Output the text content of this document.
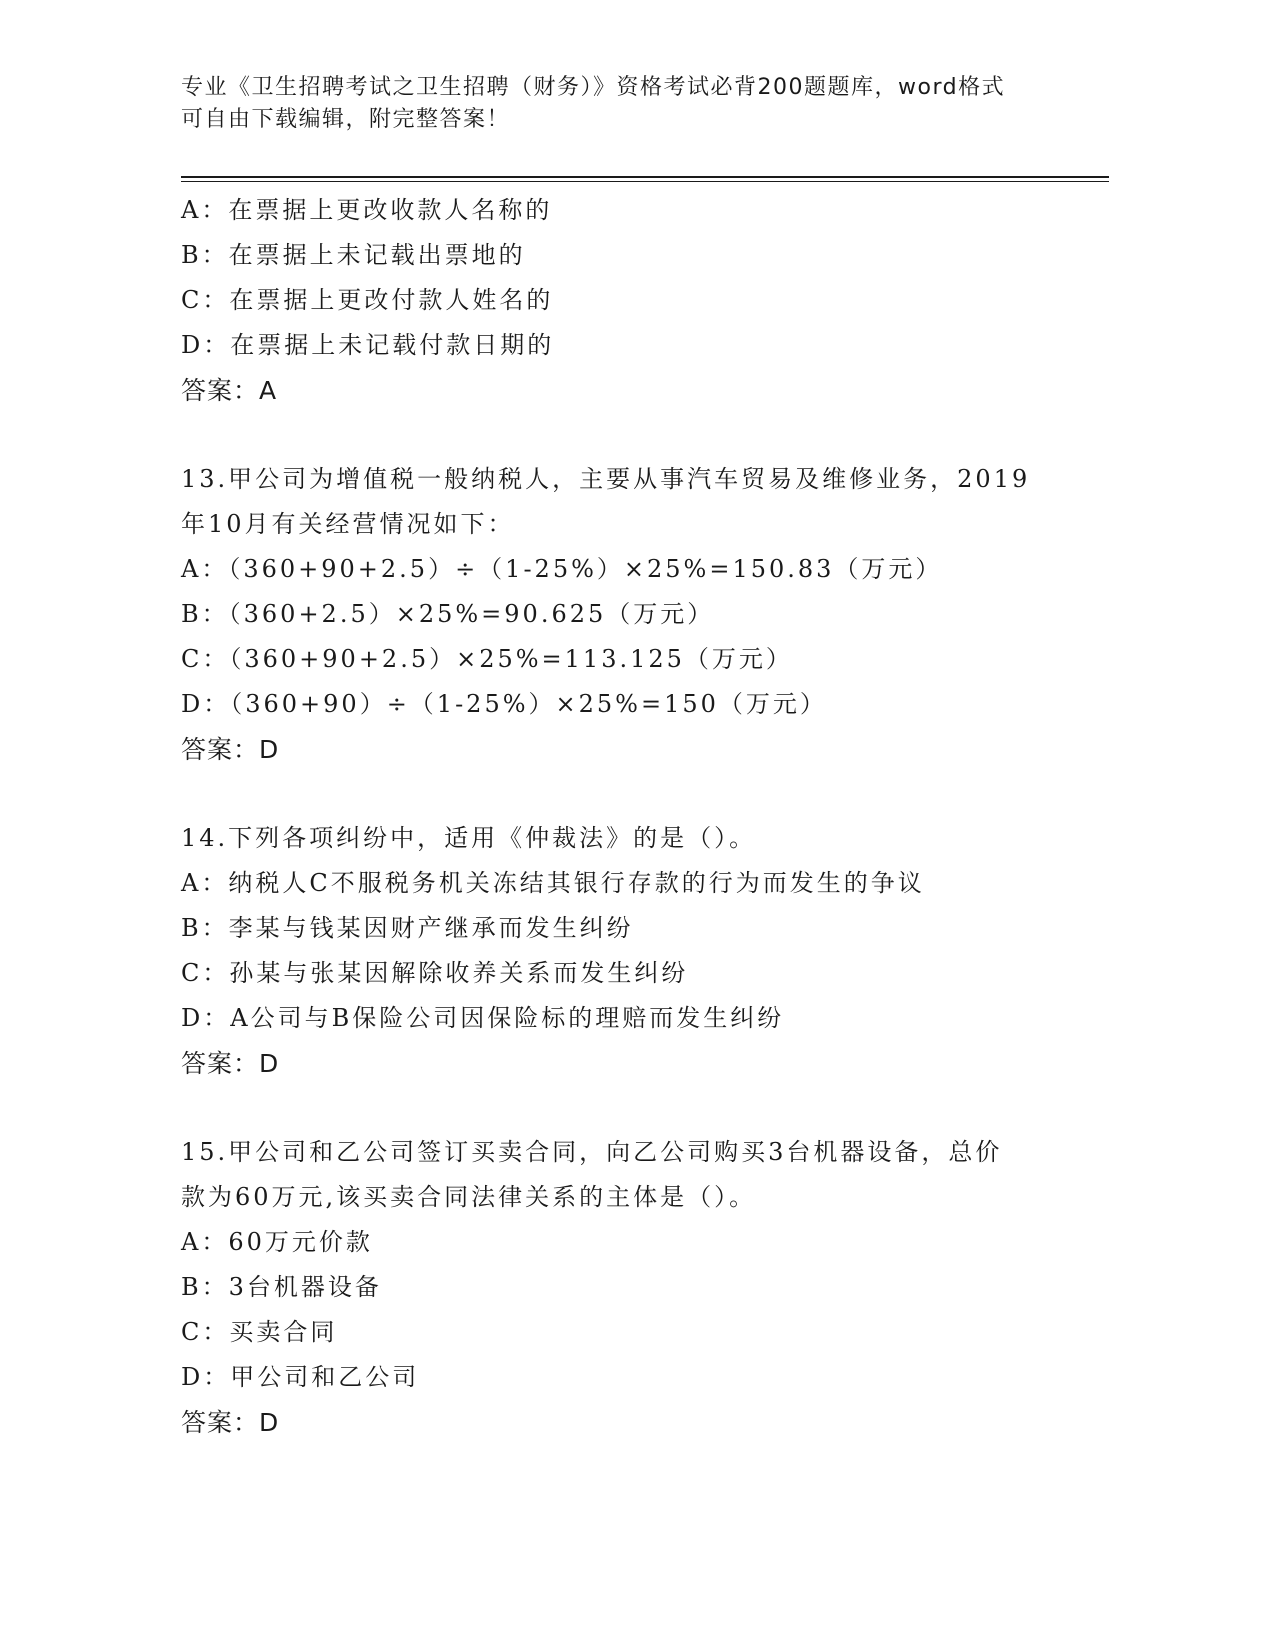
专业《卫生招聘考试之卫生招聘（财务）》资格考试必背200题题库，word格式
可自由下载编辑，附完整答案！
A：在票据上更改收款人名称的
B：在票据上未记载出票地的
C：在票据上更改付款人姓名的
D：在票据上未记载付款日期的
答案：A
13.甲公司为增值税一般纳税人，主要从事汽车贸易及维修业务，2019
年10月有关经营情况如下：
A：（360+90+2.5）÷（1-25%）×25%=150.83（万元）
B：（360+2.5）×25%=90.625（万元）
C：（360+90+2.5）×25%=113.125（万元）
D：（360+90）÷（1-25%）×25%=150（万元）
答案：D
14.下列各项纠纷中，适用《仲裁法》的是（）。
A：纳税人C不服税务机关冻结其银行存款的行为而发生的争议
B：李某与钱某因财产继承而发生纠纷
C：孙某与张某因解除收养关系而发生纠纷
D：A公司与B保险公司因保险标的理赔而发生纠纷
答案：D
15.甲公司和乙公司签订买卖合同，向乙公司购买3台机器设备，总价
款为60万元,该买卖合同法律关系的主体是（）。
A：60万元价款
B：3台机器设备
C：买卖合同
D：甲公司和乙公司
答案：D
